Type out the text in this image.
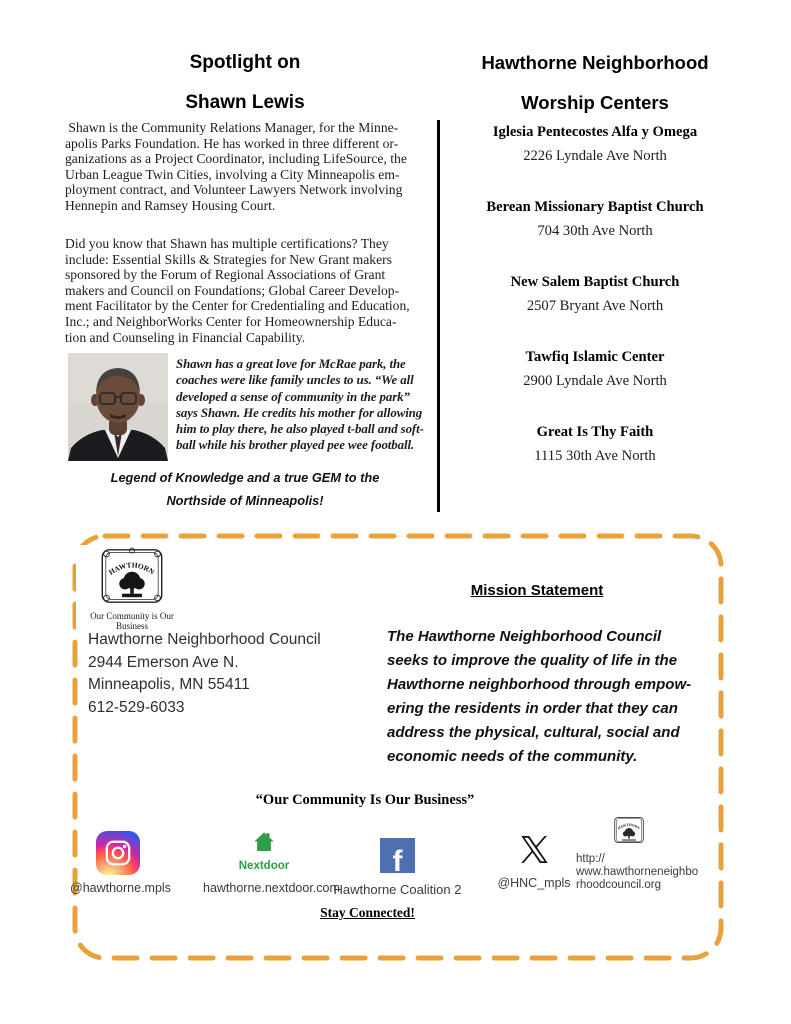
Spotlight on
Shawn Lewis
Shawn is the Community Relations Manager, for the Minne-
apolis Parks Foundation. He has worked in three different or-
ganizations as a Project Coordinator, including LifeSource, the
Urban League Twin Cities, involving a City Minneapolis em-
ployment contract, and Volunteer Lawyers Network involving
Hennepin and Ramsey Housing Court.
Did you know that Shawn has multiple certifications? They
include: Essential Skills & Strategies for New Grant makers
sponsored by the Forum of Regional Associations of Grant
makers and Council on Foundations; Global Career Develop-
ment Facilitator by the Center for Credentialing and Education,
Inc.; and NeighborWorks Center for Homeownership Educa-
tion and Counseling in Financial Capability.
Shawn has a great love for McRae park, the
coaches were like family uncles to us. “We all
developed a sense of community in the park”
says Shawn. He credits his mother for allowing
him to play there, he also played t-ball and soft-
ball while his brother played pee wee football.
Legend of Knowledge and a true GEM to the
Northside of Minneapolis!
Hawthorne Neighborhood
Worship Centers
Iglesia Pentecostes Alfa y Omega
2226 Lyndale Ave North
Berean Missionary Baptist Church
704 30th Ave North
New Salem Baptist Church
2507 Bryant Ave North
Tawfiq Islamic Center
2900 Lyndale Ave North
Great Is Thy Faith
1115 30th Ave North
HAWTHORN
Our Community is Our Business
Hawthorne Neighborhood Council
2944 Emerson Ave N.
Minneapolis, MN 55411
612-529-6033
Mission Statement
The Hawthorne Neighborhood Council
seeks to improve the quality of life in the
Hawthorne neighborhood through empow-
ering the residents in order that they can
address the physical, cultural, social and
economic needs of the community.
“Our Community Is Our Business”
@hawthorne.mpls
Nextdoor
hawthorne.nextdoor.com
f
Hawthorne Coalition 2	@HNC_mpls
HAWTHORN
http://
www.hawthorneneighbo
rhoodcouncil.org
Stay Connected!
